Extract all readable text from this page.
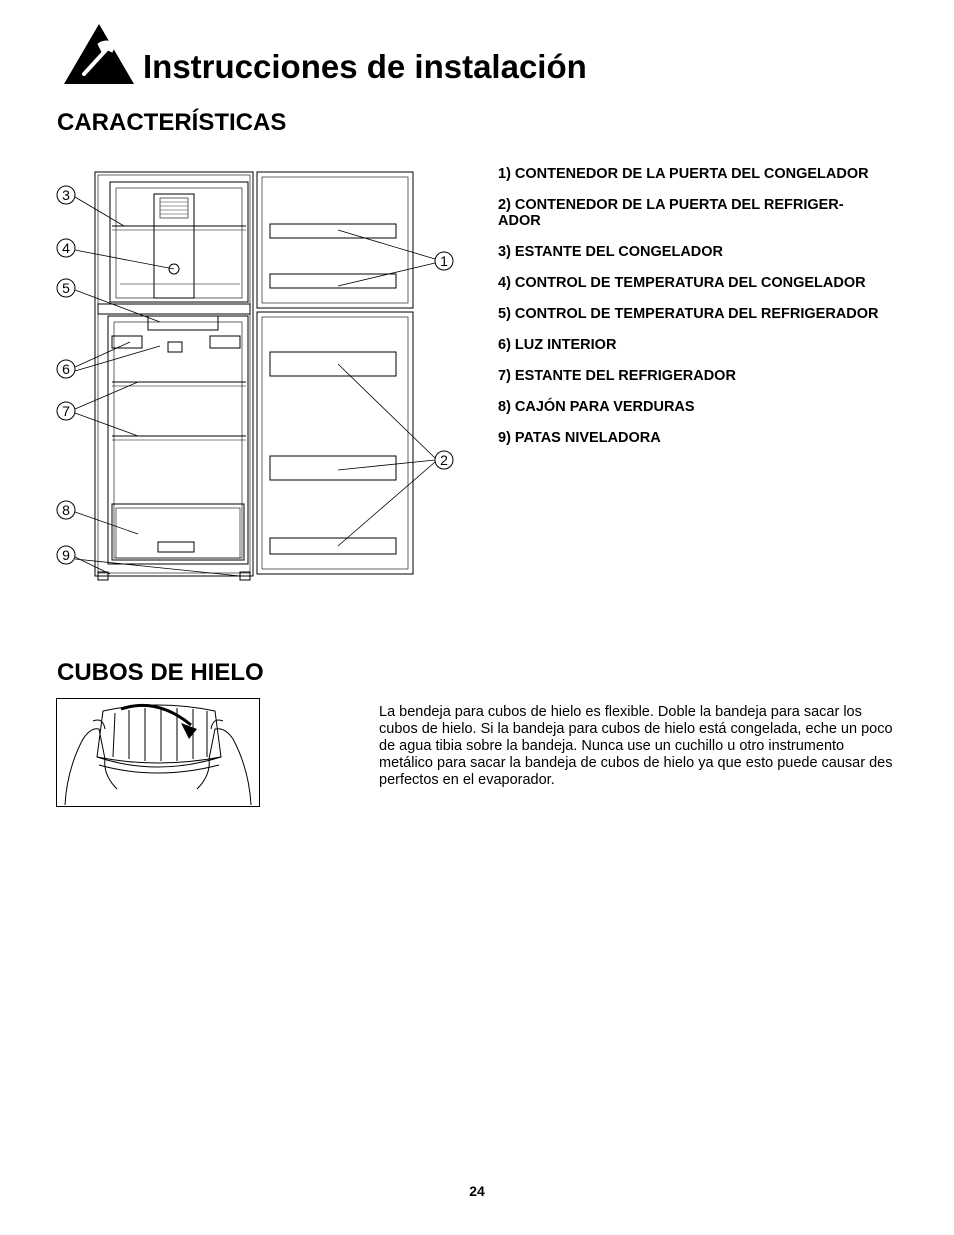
Instrucciones de instalación
CARACTERÍSTICAS
3
4
5
6
7
8
9
1
2
1) CONTENEDOR DE LA PUERTA DEL CONGELADOR
2) CONTENEDOR DE LA PUERTA DEL REFRIGER-ADOR
3) ESTANTE DEL CONGELADOR
4) CONTROL DE TEMPERATURA DEL CONGELADOR
5) CONTROL DE TEMPERATURA DEL REFRIGERADOR
6) LUZ INTERIOR
7) ESTANTE DEL REFRIGERADOR
8) CAJÓN PARA VERDURAS
9) PATAS NIVELADORA
CUBOS DE HIELO

La bendeja para cubos de hielo es flexible. Doble la bandeja para sacar los cubos de hielo. Si la bandeja para cubos de hielo está congelada, eche un poco de agua tibia sobre la bandeja. Nunca use un cuchillo u otro instrumento metálico para sacar la bandeja de cubos de hielo ya que esto puede causar des perfectos en el evaporador.

24
